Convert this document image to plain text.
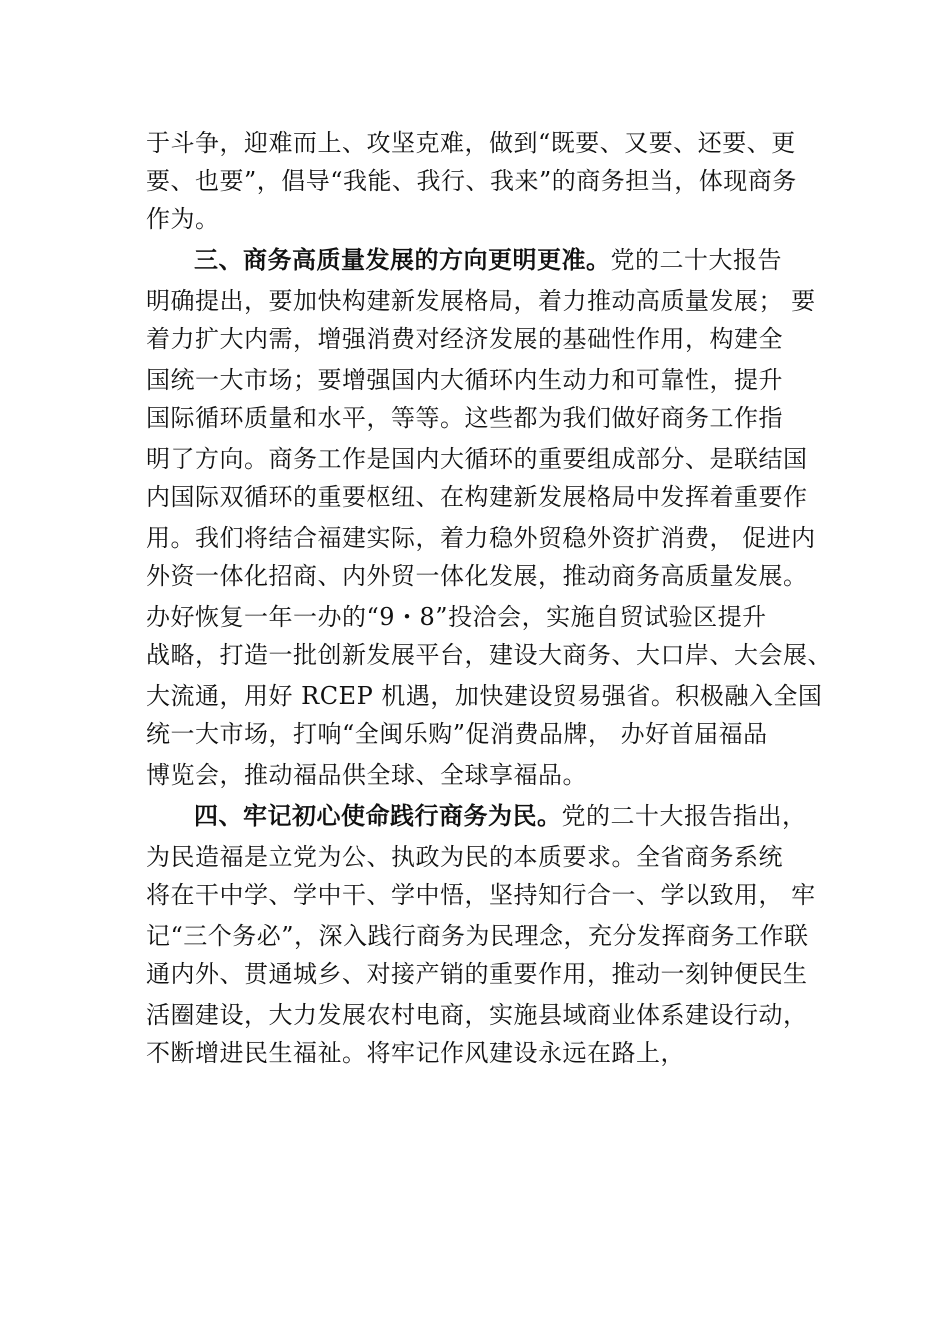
于斗争，迎难而上、攻坚克难，做到“既要、又要、还要、更
要、也要”，倡导“我能、我行、我来”的商务担当，体现商务
作为。
三、商务高质量发展的方向更明更准。党的二十大报告
明确提出，要加快构建新发展格局，着力推动高质量发展； 要
着力扩大内需，增强消费对经济发展的基础性作用，构建全
国统一大市场；要增强国内大循环内生动力和可靠性，提升
国际循环质量和水平，等等。这些都为我们做好商务工作指
明了方向。商务工作是国内大循环的重要组成部分、是联结国
内国际双循环的重要枢纽、在构建新发展格局中发挥着重要作
用。我们将结合福建实际，着力稳外贸稳外资扩消费， 促进内
外资一体化招商、内外贸一体化发展，推动商务高质量发展。
办好恢复一年一办的“9・8”投洽会，实施自贸试验区提升
战略，打造一批创新发展平台，建设大商务、大口岸、大会展、
大流通，用好 RCEP 机遇，加快建设贸易强省。积极融入全国
统一大市场，打响“全闽乐购”促消费品牌， 办好首届福品
博览会，推动福品供全球、全球享福品。
四、牢记初心使命践行商务为民。党的二十大报告指出，
为民造福是立党为公、执政为民的本质要求。全省商务系统
将在干中学、学中干、学中悟，坚持知行合一、学以致用， 牢
记“三个务必”，深入践行商务为民理念，充分发挥商务工作联
通内外、贯通城乡、对接产销的重要作用，推动一刻钟便民生
活圈建设，大力发展农村电商，实施县域商业体系建设行动，
不断增进民生福祉。将牢记作风建设永远在路上，
